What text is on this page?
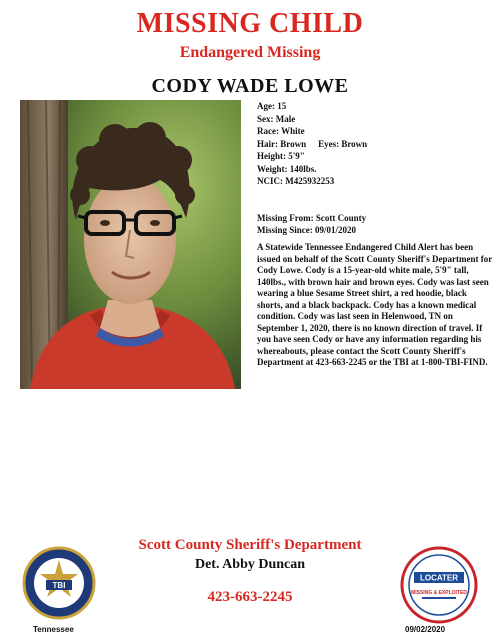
MISSING CHILD
Endangered Missing
CODY WADE LOWE
Age: 15
Sex: Male
Race: White
Hair: Brown Eyes: Brown
Height: 5'9"
Weight: 140lbs.
NCIC: M425932253
Missing From: Scott County
Missing Since: 09/01/2020
A Statewide Tennessee Endangered Child Alert has been issued on behalf of the Scott County Sheriff's Department for Cody Lowe. Cody is a 15-year-old white male, 5'9" tall, 140lbs., with brown hair and brown eyes. Cody was last seen wearing a blue Sesame Street shirt, a red hoodie, black shorts, and a black backpack. Cody has a known medical condition. Cody was last seen in Helenwood, TN on September 1, 2020, there is no known direction of travel. If you have seen Cody or have any information regarding his whereabouts, please contact the Scott County Sheriff's Department at 423-663-2245 or the TBI at 1-800-TBI-FIND.
TBI
Scott County Sheriff's Department
Det. Abby Duncan
423-663-2245
LOCATER
MISSING & EXPLOITED
Tennessee	09/02/2020
